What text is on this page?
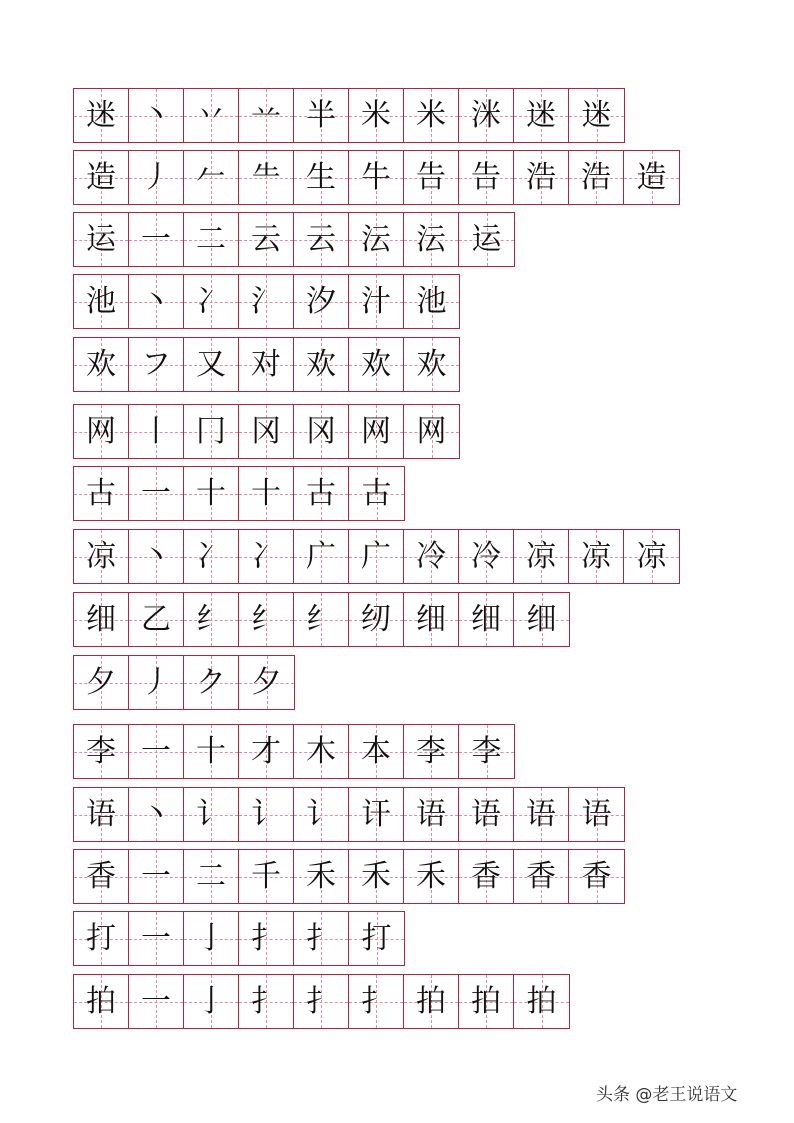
迷 丶 丷 䒑 半 米 米 洣 迷 迷
造 丿 𠂉 ⺧ 生 牛 告 告 浩 浩 造
运 一 二 云 云 沄 沄 运
池 丶 冫 氵 汐 汁 池
欢 フ 又 对 欢 欢 欢
网 丨 冂 冈 冈 网 网
古 一 十 十 古 古
凉 丶 冫 冫 广 广 冷 冷 凉 凉 凉
细 乙 纟 纟 纟 纫 细 细 细
夕 丿 ク 夕
李 一 十 才 木 本 李 李
语 丶 讠 讠 讠 讦 语 语 语 语
香 一 二 千 禾 禾 禾 香 香 香
打 一 亅 扌 扌 打
拍 一 亅 扌 扌 扌 拍 拍 拍
头条 @老王说语文
